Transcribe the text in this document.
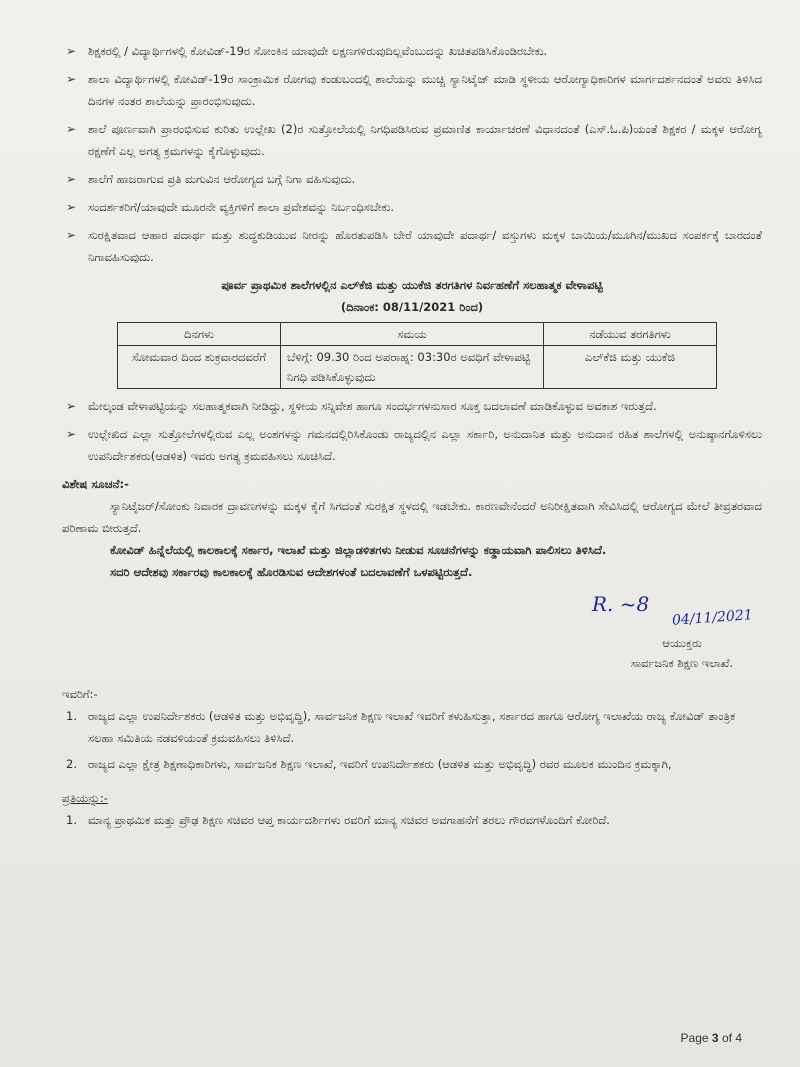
➢ ಶಿಕ್ಷಕರಲ್ಲಿ / ವಿದ್ಯಾರ್ಥಿಗಳಲ್ಲಿ ಕೋವಿಡ್-19ರ ಸೋಂಕಿನ ಯಾವುದೇ ಲಕ್ಷಣಗಳಿರುವುದಿಲ್ಲವೆಂಬುದನ್ನು ಖಚಿತಪಡಿಸಿಕೊಂಡಿರಬೇಕು.
➢ ಶಾಲಾ ವಿದ್ಯಾರ್ಥಿಗಳಲ್ಲಿ ಕೋವಿಡ್-19ರ ಸಾಂಕ್ರಾಮಿಕ ರೋಗವು ಕಂಡುಬಂದಲ್ಲಿ ಶಾಲೆಯನ್ನು ಮುಚ್ಚಿ ಸ್ಯಾನಿಟೈಜ್ ಮಾಡಿ ಸ್ಥಳೀಯ ಆರೋಗ್ಯಾಧಿಕಾರಿಗಳ ಮಾರ್ಗದರ್ಶನದಂತೆ ಅವರು ತಿಳಿಸಿದ ದಿನಗಳ ನಂತರ ಶಾಲೆಯನ್ನು ಪ್ರಾರಂಭಿಸುವುದು.
➢ ಶಾಲೆ ಪೂರ್ಣವಾಗಿ ಪ್ರಾರಂಭಿಸುವ ಕುರಿತು ಉಲ್ಲೇಖ (2)ರ ಸುತ್ತೋಲೆಯಲ್ಲಿ ನಿಗಧಿಪಡಿಸಿರುವ ಪ್ರಮಾಣಿತ ಕಾರ್ಯಾಚರಣೆ ವಿಧಾನದಂತೆ (ಎಸ್.ಓ.ಪಿ)ಯಂತೆ ಶಿಕ್ಷಕರ / ಮಕ್ಕಳ ಆರೋಗ್ಯ ರಕ್ಷಣೆಗೆ ಎಲ್ಲ ಅಗತ್ಯ ಕ್ರಮಗಳನ್ನು ಕೈಗೊಳ್ಳುವುದು.
➢ ಶಾಲೆಗೆ ಹಾಜರಾಗುವ ಪ್ರತಿ ಮಗುವಿನ ಆರೋಗ್ಯದ ಬಗ್ಗೆ ನಿಗಾ ವಹಿಸುವುದು.
➢ ಸಂದರ್ಶಕರಿಗೆ/ಯಾವುದೇ ಮೂರನೇ ವ್ಯಕ್ತಿಗಳಿಗೆ ಶಾಲಾ ಪ್ರವೇಶವನ್ನು ನಿರ್ಬಂಧಿಸಬೇಕು.
➢ ಸುರಕ್ಷಿತವಾದ ಆಹಾರ ಪದಾರ್ಥ ಮತ್ತು ಶುದ್ಧಕುಡಿಯುವ ನೀರನ್ನು ಹೊರತುಪಡಿಸಿ ಬೇರೆ ಯಾವುದೇ ಪದಾರ್ಥ/ ವಸ್ತುಗಳು ಮಕ್ಕಳ ಬಾಯಿಯ/ಮೂಗಿನ/ಮುಖದ ಸಂಪರ್ಕಕ್ಕೆ ಬಾರದಂತೆ ನಿಗಾವಹಿಸುವುದು.
ಪೂರ್ವ ಪ್ರಾಥಮಿಕ ಶಾಲೆಗಳಲ್ಲಿನ ಎಲ್‌ಕೆಜಿ ಮತ್ತು ಯುಕೆಜಿ ತರಗತಿಗಳ ನಿರ್ವಹಣೆಗೆ ಸಲಹಾತ್ಮಕ ವೇಳಾಪಟ್ಟಿ
(ದಿನಾಂಕ: 08/11/2021 ರಿಂದ)
ದಿನಗಳು	ಸಮಯ	ನಡೆಯುವ ತರಗತಿಗಳು
ಸೋಮವಾರ ದಿಂದ ಶುಕ್ರವಾರದವರೆಗೆ	ಬೆಳಿಗ್ಗೆ: 09.30 ರಿಂದ ಅಪರಾಹ್ನ: 03:30ರ ಅವಧಿಗೆ ವೇಳಾಪಟ್ಟಿ ನಿಗಧಿ ಪಡಿಸಿಕೊಳ್ಳುವುದು	ಎಲ್‌ಕೆಜಿ ಮತ್ತು ಯುಕೆಜಿ
➢ ಮೇಲ್ಕಂಡ ವೇಳಾಪಟ್ಟಿಯನ್ನು ಸಲಹಾತ್ಮಕವಾಗಿ ನೀಡಿದ್ದು, ಸ್ಥಳೀಯ ಸನ್ನಿವೇಶ ಹಾಗೂ ಸಂದರ್ಭಗಳನುಸಾರ ಸೂಕ್ತ ಬದಲಾವಣೆ ಮಾಡಿಕೊಳ್ಳುವ ಅವಕಾಶ ಇರುತ್ತದೆ.
➢ ಉಲ್ಲೇಖಿದ ಎಲ್ಲಾ ಸುತ್ತೋಲೆಗಳಲ್ಲಿರುವ ಎಲ್ಲ ಅಂಶಗಳನ್ನು ಗಮನದಲ್ಲಿರಿಸಿಕೊಂಡು ರಾಜ್ಯದಲ್ಲಿನ ಎಲ್ಲಾ ಸರ್ಕಾರಿ, ಅನುದಾನಿತ ಮತ್ತು ಅನುದಾನ ರಹಿತ ಶಾಲೆಗಳಲ್ಲಿ ಅನುಷ್ಠಾನಗೊಳಿಸಲು ಉಪನಿರ್ದೇಶಕರು(ಆಡಳಿತ) ಇವರು ಅಗತ್ಯ ಕ್ರಮವಹಿಸಲು ಸೂಚಿಸಿದೆ.
ವಿಶೇಷ ಸೂಚನೆ:-
ಸ್ಯಾನಿಟೈಜರ್/ಸೋಂಕು ನಿವಾರಕ ದ್ರಾವಣಗಳನ್ನು ಮಕ್ಕಳ ಕೈಗೆ ಸಿಗದಂತೆ ಸುರಕ್ಷಿತ ಸ್ಥಳದಲ್ಲಿ ಇಡಬೇಕು. ಕಾರಣವೇನೆಂದರೆ ಅನಿರೀಕ್ಷಿತವಾಗಿ ಸೇವಿಸಿದಲ್ಲಿ ಆರೋಗ್ಯದ ಮೇಲೆ ತೀವ್ರತರವಾದ ಪರಿಣಾಮ ಬೀರುತ್ತದೆ.
ಕೋವಿಡ್ ಹಿನ್ನೆಲೆಯಲ್ಲಿ ಕಾಲಕಾಲಕ್ಕೆ ಸರ್ಕಾರ, ಇಲಾಖೆ ಮತ್ತು ಜಿಲ್ಲಾಡಳಿತಗಳು ನೀಡುವ ಸೂಚನೆಗಳನ್ನು ಕಡ್ಡಾಯವಾಗಿ ಪಾಲಿಸಲು ತಿಳಿಸಿದೆ.
ಸದರಿ ಆದೇಶವು ಸರ್ಕಾರವು ಕಾಲಕಾಲಕ್ಕೆ ಹೊರಡಿಸುವ ಆದೇಶಗಳಂತೆ ಬದಲಾವಣೆಗೆ ಒಳಪಟ್ಟಿರುತ್ತದೆ.
R. ~8
04/11/2021
ಆಯುಕ್ತರು
ಸಾರ್ವಜನಿಕ ಶಿಕ್ಷಣ ಇಲಾಖೆ.
ಇವರಿಗೆ:-
1. ರಾಜ್ಯದ ಎಲ್ಲಾ ಉಪನಿರ್ದೇಶಕರು (ಆಡಳಿತ ಮತ್ತು ಅಭಿವೃದ್ಧಿ), ಸಾರ್ವಜನಿಕ ಶಿಕ್ಷಣ ಇಲಾಖೆ ಇವರಿಗೆ ಕಳುಹಿಸುತ್ತಾ, ಸರ್ಕಾರದ ಹಾಗೂ ಆರೋಗ್ಯ ಇಲಾಖೆಯ ರಾಜ್ಯ ಕೋವಿಡ್ ತಾಂತ್ರಿಕ ಸಲಹಾ ಸಮಿತಿಯ ನಡವಳಿಯಂತೆ ಕ್ರಮವಹಿಸಲು ತಿಳಿಸಿದೆ.
2. ರಾಜ್ಯದ ಎಲ್ಲಾ ಕ್ಷೇತ್ರ ಶಿಕ್ಷಣಾಧಿಕಾರಿಗಳು, ಸಾರ್ವಜನಿಕ ಶಿಕ್ಷಣ ಇಲಾಖೆ, ಇವರಿಗೆ ಉಪನಿರ್ದೇಶಕರು (ಆಡಳಿತ ಮತ್ತು ಅಭಿವೃದ್ಧಿ) ರವರ ಮೂಲಕ ಮುಂದಿನ ಕ್ರಮಕ್ಕಾಗಿ,
ಪ್ರತಿಯನ್ನು:-
1. ಮಾನ್ಯ ಪ್ರಾಥಮಿಕ ಮತ್ತು ಪ್ರೌಢ ಶಿಕ್ಷಣ ಸಚಿವರ ಆಪ್ತ ಕಾರ್ಯದರ್ಶಿಗಳು ರವರಿಗೆ ಮಾನ್ಯ ಸಚಿವರ ಅವಗಾಹನೆಗೆ ತರಲು ಗೌರವಗಳೊಂದಿಗೆ ಕೋರಿದೆ.
Page 3 of 4
